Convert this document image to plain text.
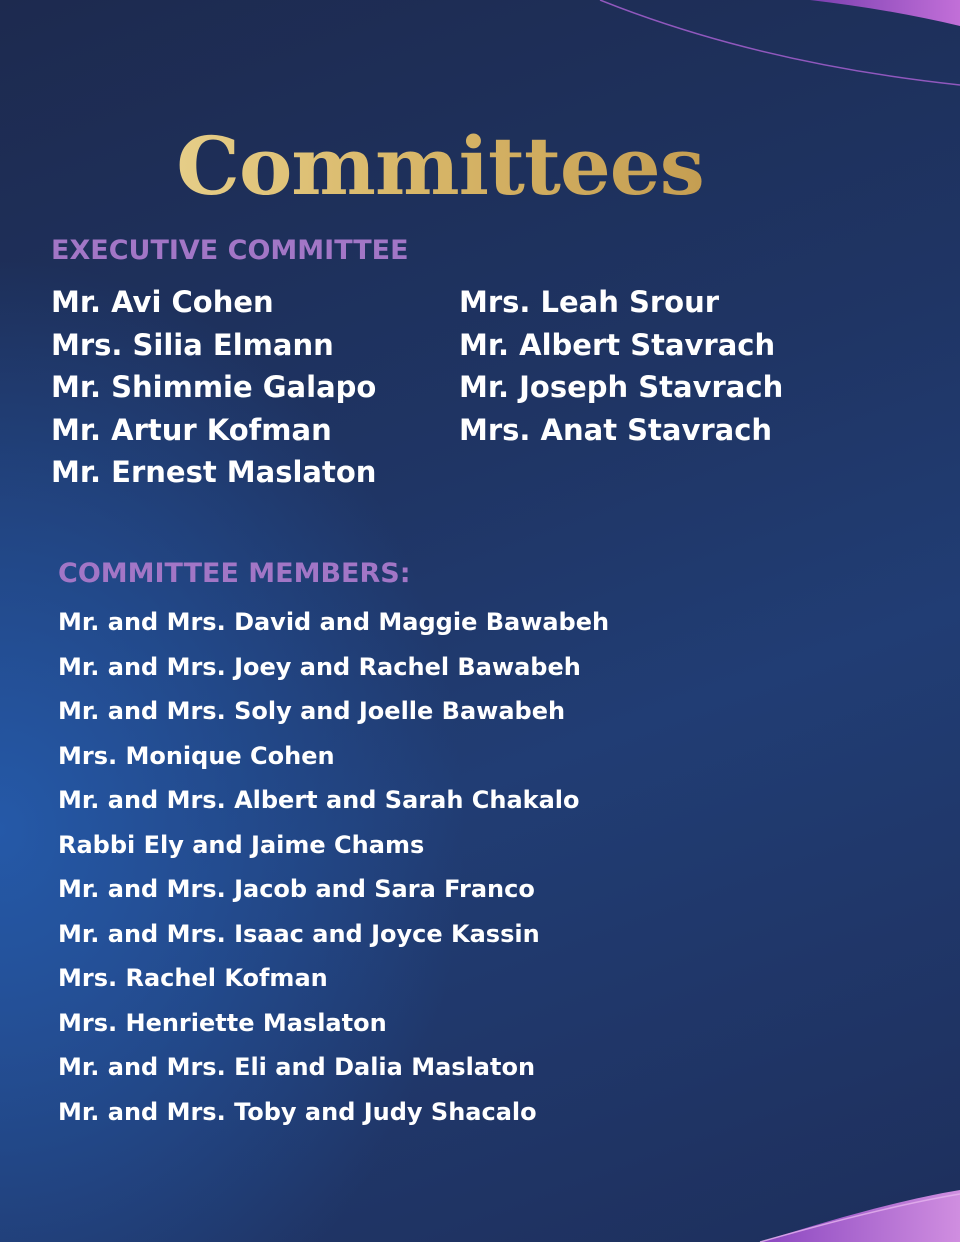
Committees
EXECUTIVE COMMITTEE
Mr. Avi Cohen
Mrs. Silia Elmann
Mr. Shimmie Galapo
Mr. Artur Kofman
Mr. Ernest Maslaton
Mrs. Leah Srour
Mr. Albert Stavrach
Mr. Joseph Stavrach
Mrs. Anat Stavrach
COMMITTEE MEMBERS:
Mr. and Mrs. David and Maggie Bawabeh
Mr. and Mrs. Joey and Rachel Bawabeh
Mr. and Mrs. Soly and Joelle Bawabeh
Mrs. Monique Cohen
Mr. and Mrs. Albert and Sarah Chakalo
Rabbi Ely and Jaime Chams
Mr. and Mrs. Jacob and Sara Franco
Mr. and Mrs. Isaac and Joyce Kassin
Mrs. Rachel Kofman
Mrs. Henriette Maslaton
Mr. and Mrs. Eli and Dalia Maslaton
Mr. and Mrs. Toby and Judy Shacalo
